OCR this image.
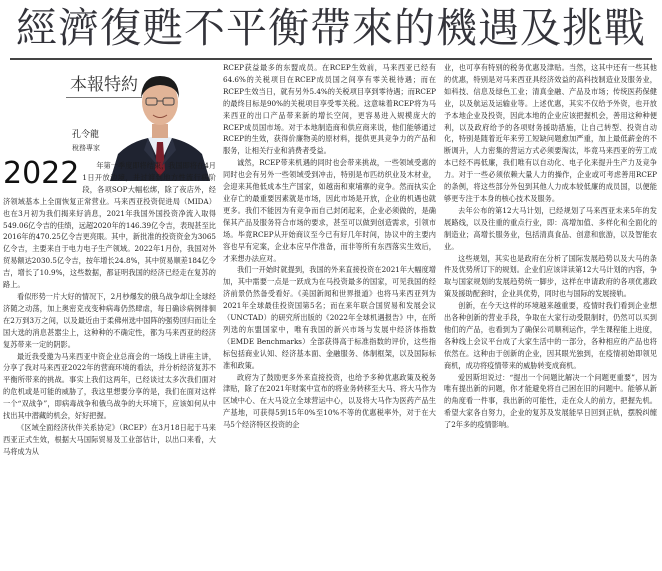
經濟復甦不平衡帶來的機遇及挑戰
本報特約
孔令龍
稅務專家

2022 年第一季度即将结束，我国即将在4月1日开放边境，并过渡到地方性流行病阶段，各项SOP大幅松绑，除了夜店外，经济领域基本上全面恢复正常营业。马来西亚投资促进局（MIDA）也在3月初为我们揭来好消息，2021年我国外国投资净流入取得549.06亿令吉的佳绩，远超2020年的146.39亿令吉，表现甚至比2016年的470.25亿令吉更亮眼。其中，新批准的投资资金为3065亿令吉，主要来自于电力电子生产领域。2022年1月份，我国对外贸易额达2030.5亿令吉，按年增长24.8%，其中贸易顺差184亿令吉，增长了10.9%，这些数据，都证明我国的经济已经走在复苏的路上。

看似形势一片大好的情况下，2月杪爆发的俄乌战争却让全球经济随之动荡，加上奥密克戎变种病毒仍然肆虐，每日确诊病例徘徊在2万到3万之间，以及最近由于柔佛州选中国阵的强势回归而让全国大选的消息甚嚣尘上，这种种的不确定性，都为马来西亚的经济复苏带来一定的阴影。

最近我受邀为马来西亚中资企业总商会的一场线上讲座主讲，分享了我对马来西亚2022年的营商环境的看法，并分析经济复苏不平衡所带来的挑战。事实上我们这两年，已经谈过太多次我们面对的危机或是可能的威胁了，我这里想要分享的是，我们在面对这样一个“双战争”，即病毒战争和俄乌战争的大环境下，应该如何从中找出其中潜藏的机会，好好把握。

《区域全面经济伙伴关系协定》（RCEP）在3月18日起于马来西亚正式生效，根据大马国际贸易及工业部估计，以出口来看，大马将成为从

RCEP获益最多的东盟成员。在RCEP生效前，马来西亚已经有64.6%的关税项目在RCEP成员国之间享有零关税待遇；而在RCEP生效当日，就有另外5.4%的关税项目享到零待遇；而RCEP的最终目标是90%的关税项目享受零关税。这意味着RCEP将为马来西亚的出口产品带来新的增长空间，更容易进入规模庞大的RCEP成员国市场。对于本地制造商和供应商来说，他们能够通过RCEP的生效，获得价廉物美的原材料，提供更具竞争力的产品和服务，让相关行业和消费者受益。

诚然，RCEP带来机遇的同时也会带来挑战，一些领域受惠的同时也会有另外一些领域受到冲击，特别是布匹纺织业及木材业，会迎来其他低成本生产国家，如越南和柬埔寨的竞争。然而执实企业存亡的最重要因素就是市场，因此市场是开放，企业的机遇也就更多。我们不能因为有竞争而自己封闭起来，企业必须做的，是确保其产品及服务符合市场的要求，甚至可以做到创造需求，引领市场。毕竟RCEP从开始商议至今已有好几年时间，协议中的主要内容也早有定案，企业本应早作准备，而非等所有东西落实生效后，才来想办法应对。

我们一开始时就提到，我国的外来直接投资在2021年大幅度增加，其中需要一点是一跃成为在马投资最多的国家，可见我国的经济前景仍然备受看好。《美国新闻和世界报道》也将马来西亚列为2021年全球最佳投资国第5名；而在来年联合国贸易和发展会议（UNCTAD）的研究所出版的《2022年全球机遇报告》中，在所列选的东盟国家中，唯有我国的新兴市场与发展中经济体指数（EMDE Benchmarks）全部获得高于标准指数的评价，这些指标包括商业认知、经济基本面、金融服务、体制框架，以及国际标准和政策。

政府为了鼓励更多外来直接投资，也给予多种优惠政策及税务津贴，除了在2021年财案中宣布的将业务转移至大马、将大马作为区域中心、在大马设立全球营运中心，以及将大马作为医药产品生产基地，可获得5到15年0%至10%不等的优惠税率外，对于在大马5个经济特区投资的企

业，也可享有特别的税务优惠及津贴。当然，这其中还有一些其他的优惠，特别是对马来西亚具经济效益的高科技制造业及服务业，如科技、信息及绿色工业；清真金融、产品及市场；传统医药保健业，以及航运及运输业等。上述优惠，其实不仅给予外资，也开放予本地企业及投资，因此本地的企业应该把握机会，善用这种种便利，以及政府给予的各项财务援助措施，让自己转型、投资自动化，特别是随着近年来劳工短缺问题愈加严重，加上最低薪金的不断调升，人力密集的营运方式必须要淘汰，毕竟马来西亚的劳工成本已经不再低廉，我们唯有以自动化、电子化来提升生产力及竞争力。对于一些必须依赖大量人力的操作，企业或可考虑善用RCEP的条例，将这些部分外包到其他人力成本较低廉的成员国，以便能够更专注于本身的核心技术及服务。

去年公布的第12大马计划，已经规划了马来西亚未来5年的发展路线，以及往重的重点行业，即：高增加值、多样化和全面化的制造业；高增长服务业，包括清真食品、创意和旅游，以及智能农业。

这些规划，其实也是政府在分析了国际发展趋势以及大马的条件及优势所订下的规划。企业们应该详读第12大马计划的内容，争取与国家规划的发展趋势统一脚步，这样在申请政府的各项优惠政策及援助配套时，企业具优势，同时也与国际的发展接轨。

创新，在今天这样的环境越来越重要，疫情时我们看到企业想出各种创新的营业手段，争取在大家行动受限制时，仍然可以买到他们的产品，也看到为了确保公司顺利运作，学生课程能上进度，各种线上会议平台成了大家生活中的一部分，各种相应的产品也将依然在。这种由于创新的企业，因其眼光独到，在疫情初始即领见商机，成功将疫情带来的威胁转变成商机。

爱因斯坦说过：“提出一个问题比解决一个问题更重要”，因为唯有提出新的问题，你才能避免将自己困在旧的问题中。能够从新的角度看一件事，我出新的可能性，走在众人的前方，把握先机。希望大家各自努力，企业的复苏及发展能早日回到正轨，摆脱纠缠了2年多的疫情影响。
